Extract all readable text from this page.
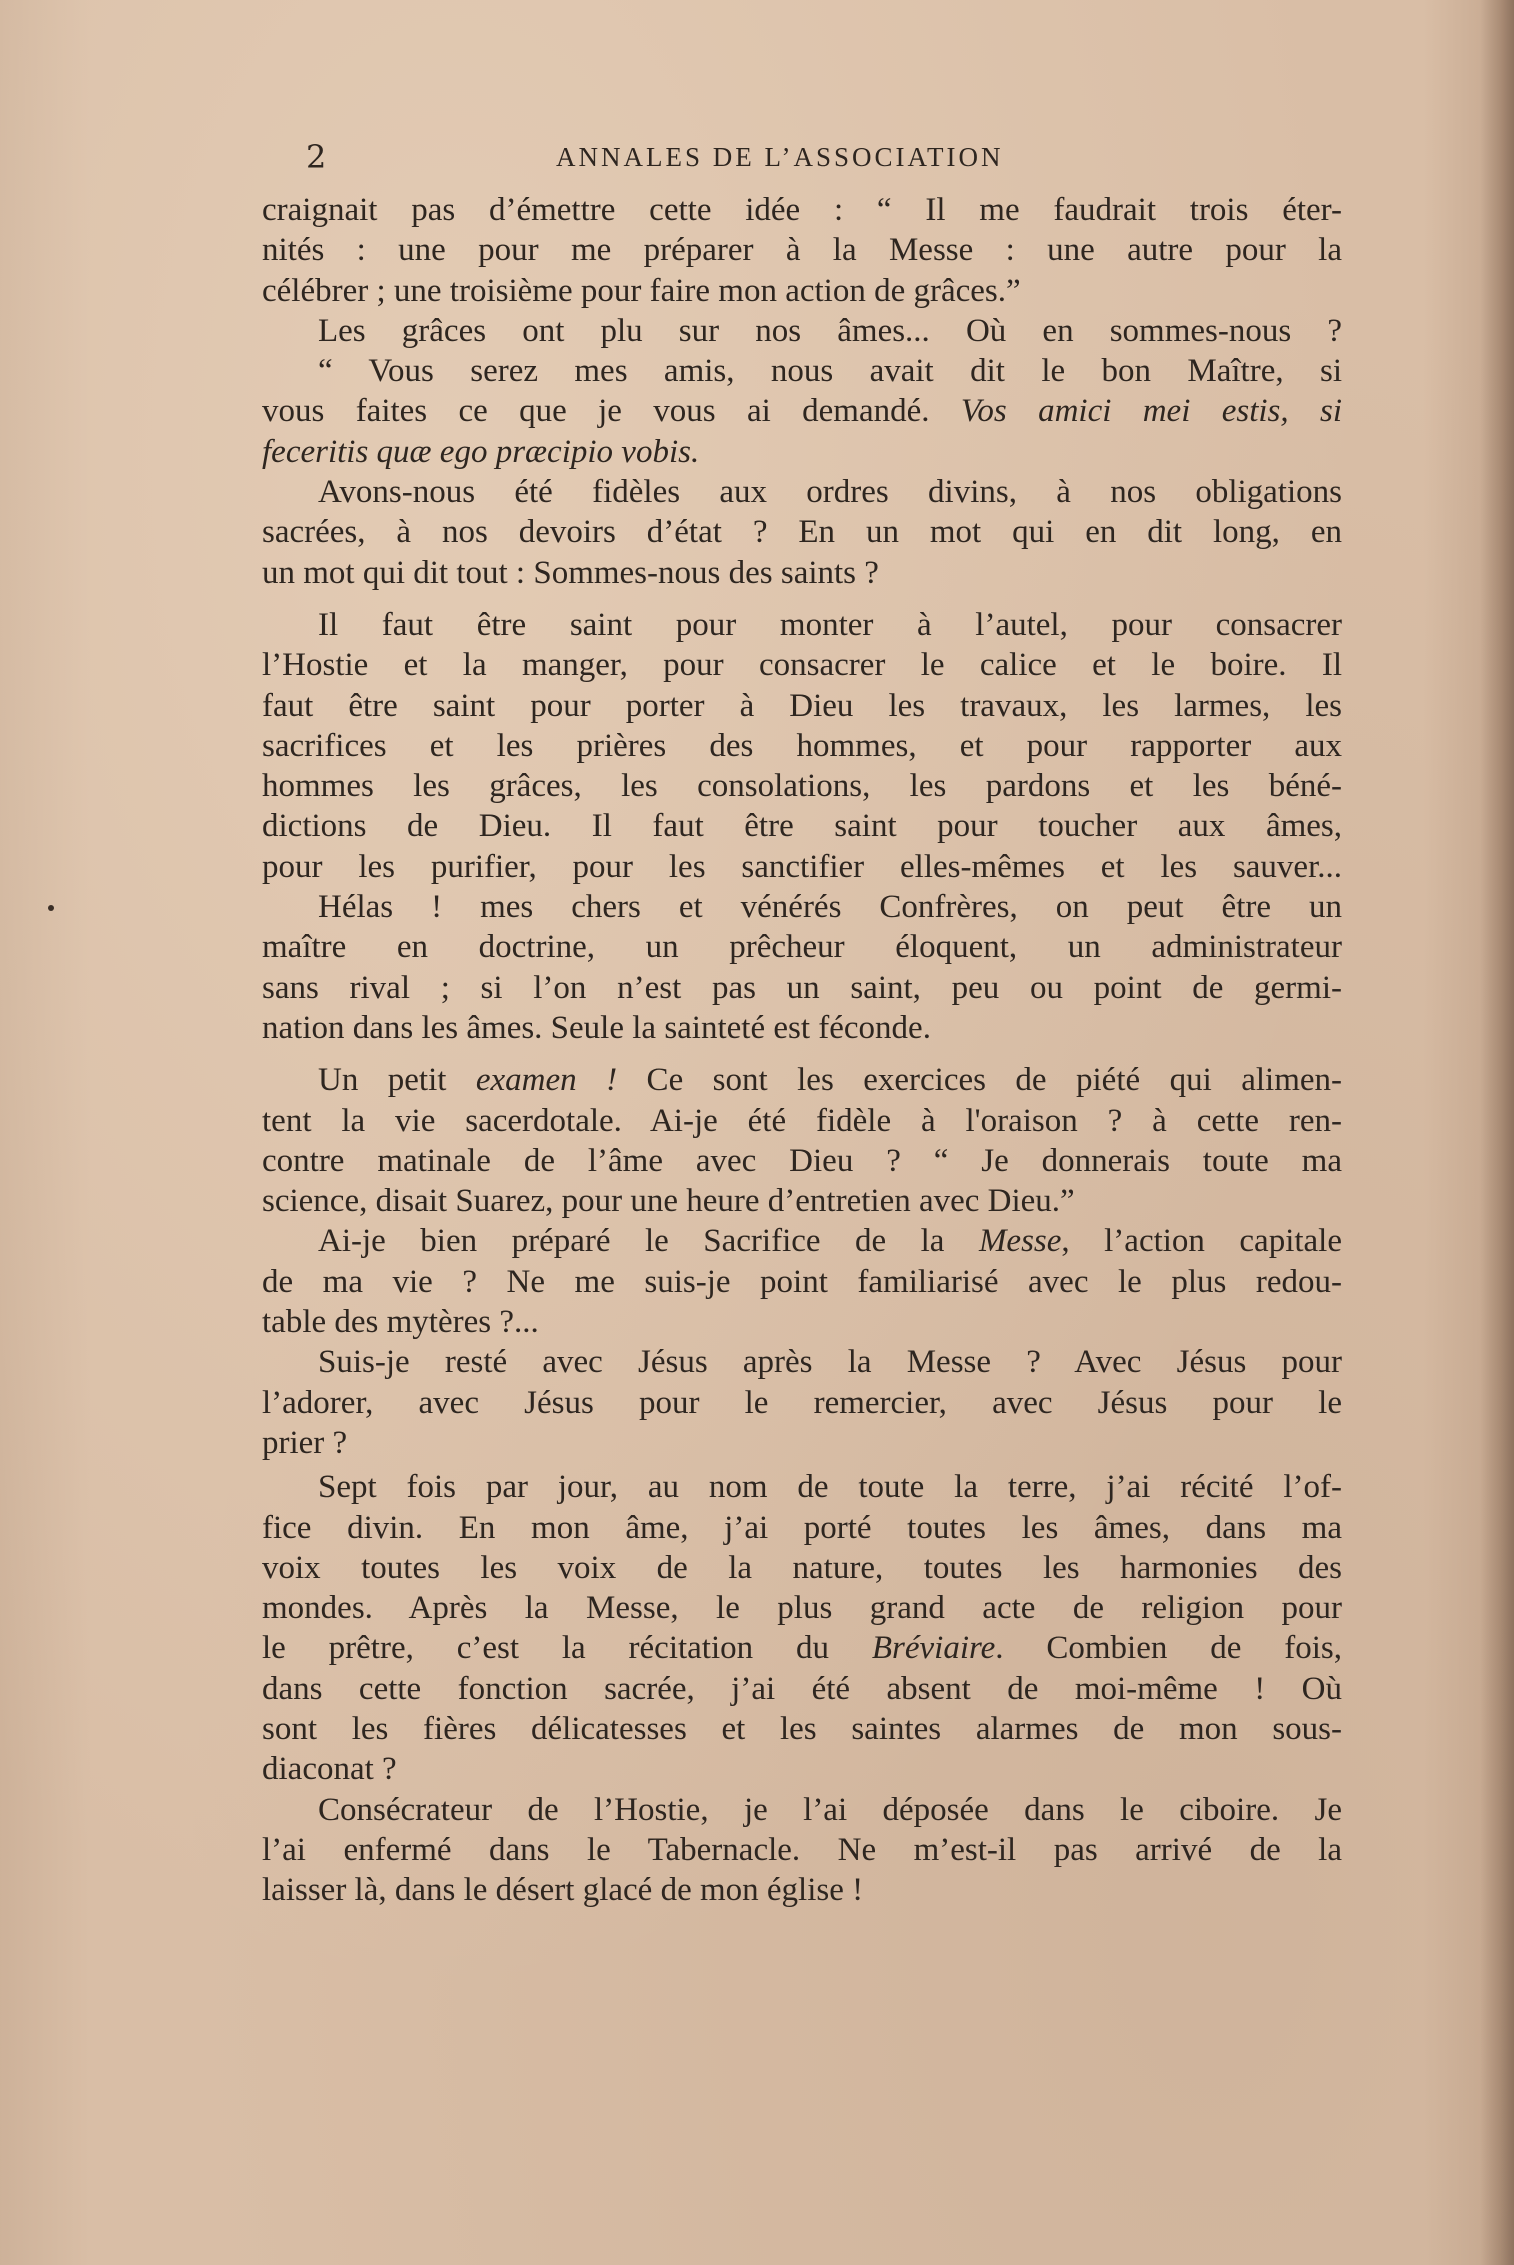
2	ANNALES DE L’ASSOCIATION

craignait pas d’émettre cette idée : “ Il me faudrait trois éter-
nités : une pour me préparer à la Messe : une autre pour la
célébrer ; une troisième pour faire mon action de grâces.”

Les grâces ont plu sur nos âmes... Où en sommes-nous ?
“ Vous serez mes amis, nous avait dit le bon Maître, si
vous faites ce que je vous ai demandé. Vos amici mei estis, si
feceritis quæ ego præcipio vobis.

Avons-nous été fidèles aux ordres divins, à nos obligations
sacrées, à nos devoirs d’état ? En un mot qui en dit long, en
un mot qui dit tout : Sommes-nous des saints ?

Il faut être saint pour monter à l’autel, pour consacrer
l’Hostie et la manger, pour consacrer le calice et le boire. Il
faut être saint pour porter à Dieu les travaux, les larmes, les
sacrifices et les prières des hommes, et pour rapporter aux
hommes les grâces, les consolations, les pardons et les béné-
dictions de Dieu. Il faut être saint pour toucher aux âmes,
pour les purifier, pour les sanctifier elles-mêmes et les sauver...

Hélas ! mes chers et vénérés Confrères, on peut être un
maître en doctrine, un prêcheur éloquent, un administrateur
sans rival ; si l’on n’est pas un saint, peu ou point de germi-
nation dans les âmes. Seule la sainteté est féconde.

Un petit examen ! Ce sont les exercices de piété qui alimen-
tent la vie sacerdotale. Ai-je été fidèle à l'oraison ? à cette ren-
contre matinale de l’âme avec Dieu ? “ Je donnerais toute ma
science, disait Suarez, pour une heure d’entretien avec Dieu.”

Ai-je bien préparé le Sacrifice de la Messe, l’action capitale
de ma vie ? Ne me suis-je point familiarisé avec le plus redou-
table des mytères ?...

Suis-je resté avec Jésus après la Messe ? Avec Jésus pour
l’adorer, avec Jésus pour le remercier, avec Jésus pour le
prier ?

Sept fois par jour, au nom de toute la terre, j’ai récité l’of-
fice divin. En mon âme, j’ai porté toutes les âmes, dans ma
voix toutes les voix de la nature, toutes les harmonies des
mondes. Après la Messe, le plus grand acte de religion pour
le prêtre, c’est la récitation du Bréviaire. Combien de fois,
dans cette fonction sacrée, j’ai été absent de moi-même ! Où
sont les fières délicatesses et les saintes alarmes de mon sous-
diaconat ?

Consécrateur de l’Hostie, je l’ai déposée dans le ciboire. Je
l’ai enfermé dans le Tabernacle. Ne m’est-il pas arrivé de la
laisser là, dans le désert glacé de mon église !
